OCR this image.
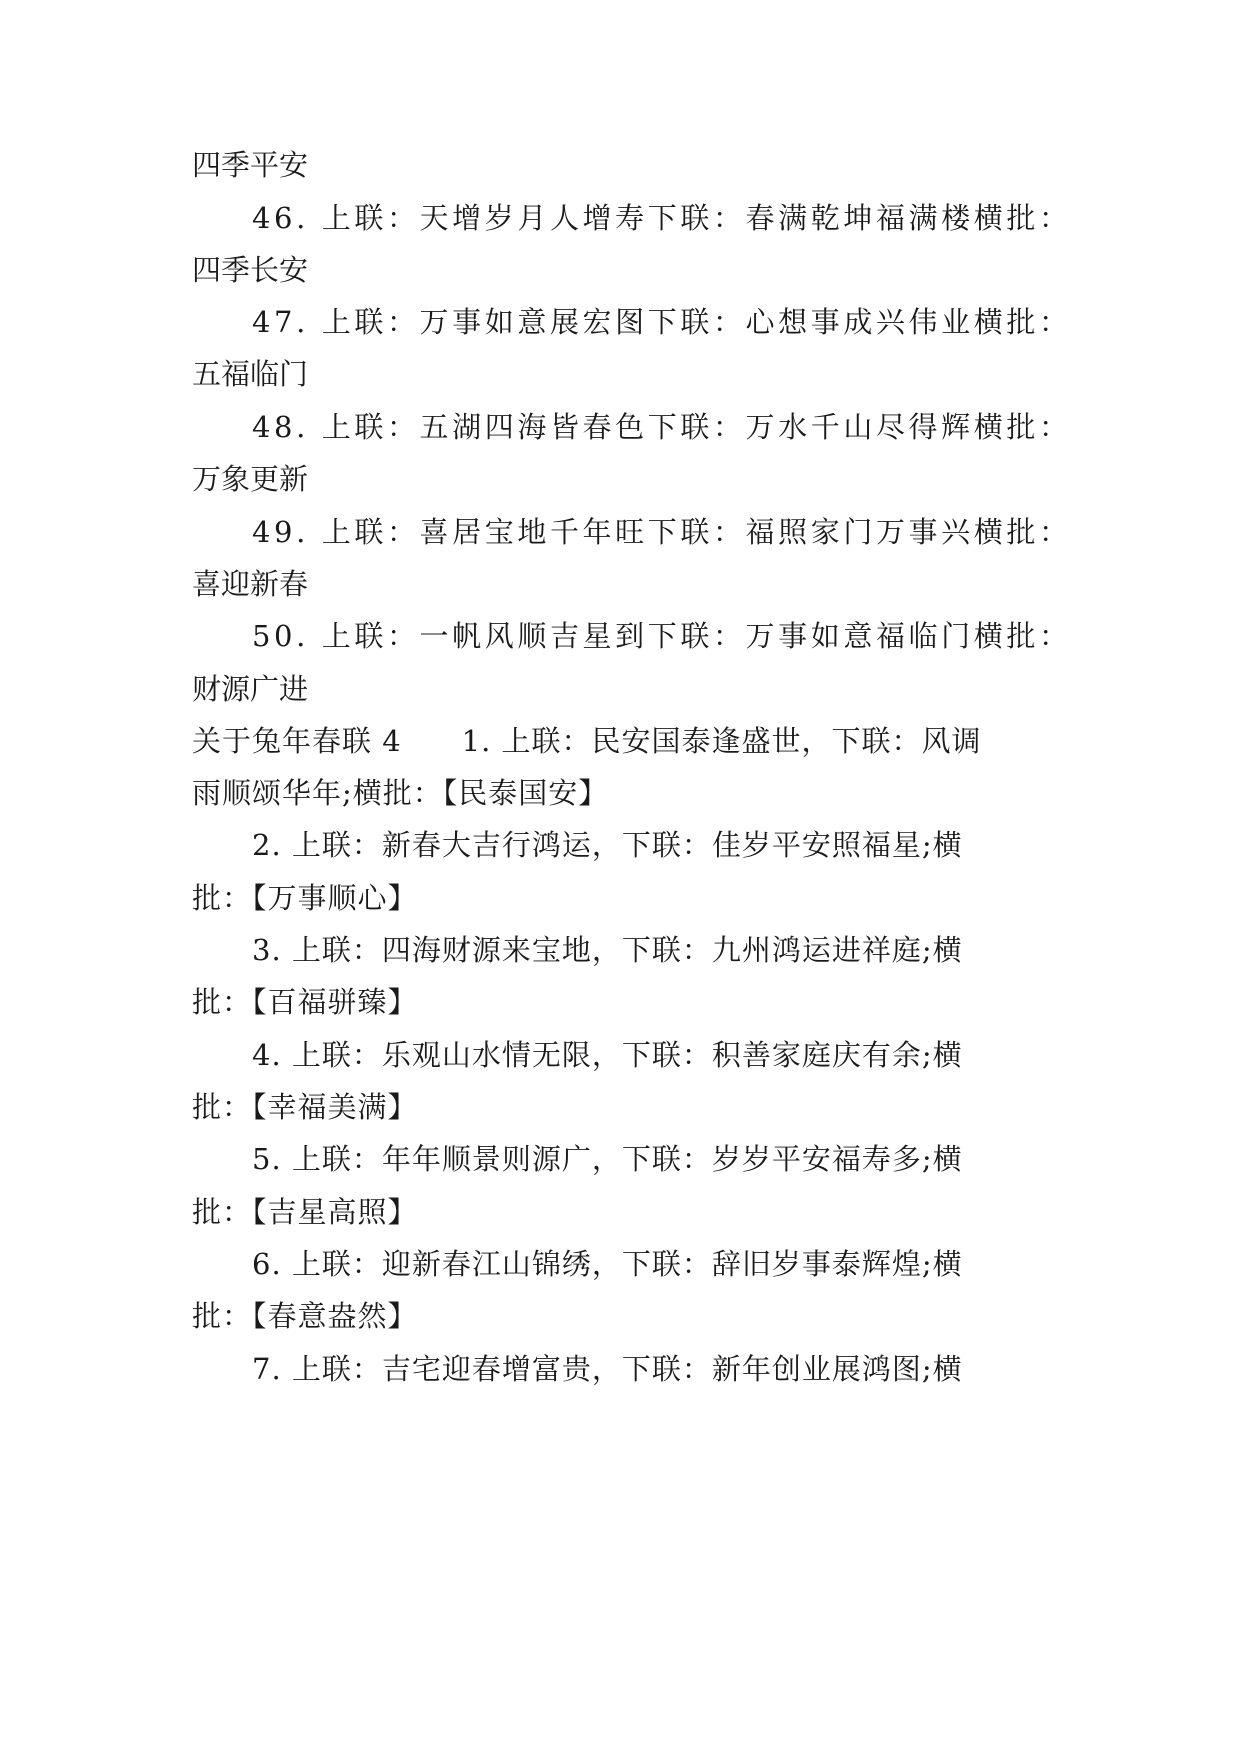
四季平安
46. 上联：天增岁月人增寿下联：春满乾坤福满楼横批：
四季长安
47. 上联：万事如意展宏图下联：心想事成兴伟业横批：
五福临门
48. 上联：五湖四海皆春色下联：万水千山尽得辉横批：
万象更新
49. 上联：喜居宝地千年旺下联：福照家门万事兴横批：
喜迎新春
50. 上联：一帆风顺吉星到下联：万事如意福临门横批：
财源广进
关于兔年春联 4　　1. 上联：民安国泰逢盛世，下联：风调
雨顺颂华年;横批：【民泰国安】
2. 上联：新春大吉行鸿运，下联：佳岁平安照福星;横
批：【万事顺心】
3. 上联：四海财源来宝地，下联：九州鸿运进祥庭;横
批：【百福骈臻】
4. 上联：乐观山水情无限，下联：积善家庭庆有余;横
批：【幸福美满】
5. 上联：年年顺景则源广，下联：岁岁平安福寿多;横
批：【吉星高照】
6. 上联：迎新春江山锦绣，下联：辞旧岁事泰辉煌;横
批：【春意盎然】
7. 上联：吉宅迎春增富贵，下联：新年创业展鸿图;横
